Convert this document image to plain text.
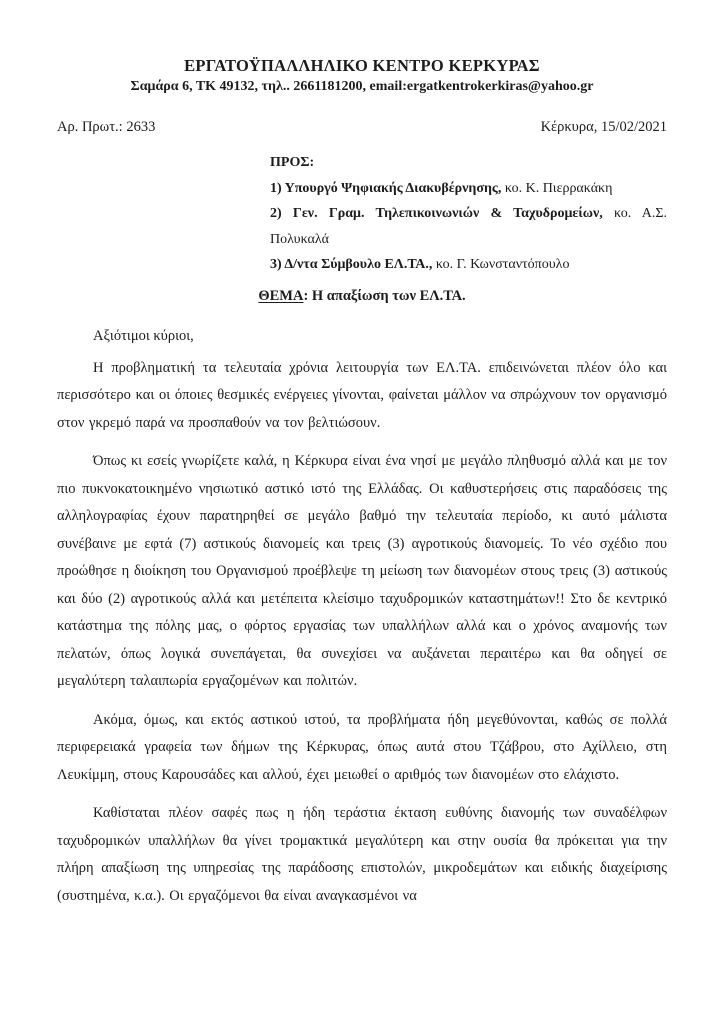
ΕΡΓΑΤΟΫΠΑΛΛΗΛΙΚΟ ΚΕΝΤΡΟ ΚΕΡΚΥΡΑΣ
Σαμάρα 6, ΤΚ 49132, τηλ.. 2661181200, email:ergatkentrokerkiras@yahoo.gr
Αρ. Πρωτ.: 2633	Κέρκυρα, 15/02/2021
ΠΡΟΣ:

1) Υπουργό Ψηφιακής Διακυβέρνησης, κο. Κ. Πιερρακάκη

2) Γεν. Γραμ. Τηλεπικοινωνιών & Ταχυδρομείων, κο. Α.Σ. Πολυκαλά

3) Δ/ντα Σύμβουλο ΕΛ.ΤΑ., κο. Γ. Κωνσταντόπουλο

ΘΕΜΑ: Η απαξίωση των ΕΛ.ΤΑ.

Αξιότιμοι κύριοι,

Η προβληματική τα τελευταία χρόνια λειτουργία των ΕΛ.ΤΑ. επιδεινώνεται πλέον όλο και περισσότερο και οι όποιες θεσμικές ενέργειες γίνονται, φαίνεται μάλλον να σπρώχνουν τον οργανισμό στον γκρεμό παρά να προσπαθούν να τον βελτιώσουν.

Όπως κι εσείς γνωρίζετε καλά, η Κέρκυρα είναι ένα νησί με μεγάλο πληθυσμό αλλά και με τον πιο πυκνοκατοικημένο νησιωτικό αστικό ιστό της Ελλάδας. Οι καθυστερήσεις στις παραδόσεις της αλληλογραφίας έχουν παρατηρηθεί σε μεγάλο βαθμό την τελευταία περίοδο, κι αυτό μάλιστα συνέβαινε με εφτά (7) αστικούς διανομείς και τρεις (3) αγροτικούς διανομείς. Το νέο σχέδιο που προώθησε η διοίκηση του Οργανισμού προέβλεψε τη μείωση των διανομέων στους τρεις (3) αστικούς και δύο (2) αγροτικούς αλλά και μετέπειτα κλείσιμο ταχυδρομικών καταστημάτων!! Στο δε κεντρικό κατάστημα της πόλης μας, ο φόρτος εργασίας των υπαλλήλων αλλά και ο χρόνος αναμονής των πελατών, όπως λογικά συνεπάγεται, θα συνεχίσει να αυξάνεται περαιτέρω και θα οδηγεί σε μεγαλύτερη ταλαιπωρία εργαζομένων και πολιτών.

Ακόμα, όμως, και εκτός αστικού ιστού, τα προβλήματα ήδη μεγεθύνονται, καθώς σε πολλά περιφερειακά γραφεία των δήμων της Κέρκυρας, όπως αυτά στου Τζάβρου, στο Αχίλλειο, στη Λευκίμμη, στους Καρουσάδες και αλλού, έχει μειωθεί ο αριθμός των διανομέων στο ελάχιστο.

Καθίσταται πλέον σαφές πως η ήδη τεράστια έκταση ευθύνης διανομής των συναδέλφων ταχυδρομικών υπαλλήλων θα γίνει τρομακτικά μεγαλύτερη και στην ουσία θα πρόκειται για την πλήρη απαξίωση της υπηρεσίας της παράδοσης επιστολών, μικροδεμάτων και ειδικής διαχείρισης (συστημένα, κ.α.). Οι εργαζόμενοι θα είναι αναγκασμένοι να
